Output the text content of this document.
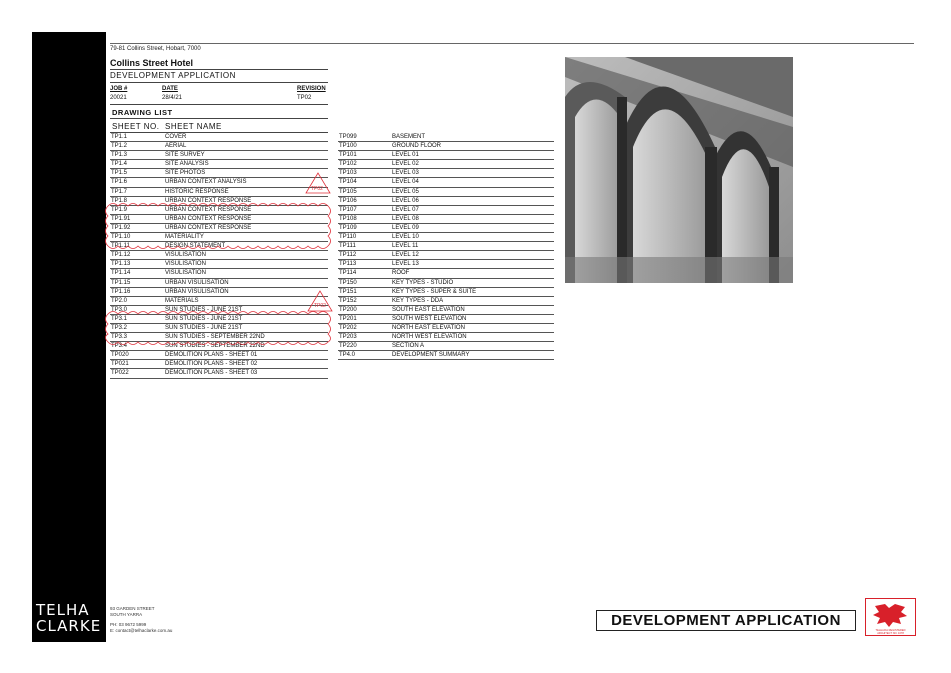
TELHA
CLARKE
93 GARDEN STREET
SOUTH YARRA
PH: 03 9672 5999
E: contact@telhaclarke.com.au
79-81 Collins Street, Hobart, 7000
Collins Street Hotel
DEVELOPMENT APPLICATION
JOB #	DATE	REVISION
20021	28/4/21	TP02
DRAWING LIST
SHEET NO. SHEET NAME
TP1.1	COVER
TP1.2	AERIAL
TP1.3	SITE SURVEY
TP1.4	SITE ANALYSIS
TP1.5	SITE PHOTOS
TP1.6	URBAN CONTEXT ANALYSIS
TP1.7	HISTORIC RESPONSE
TP1.8	URBAN CONTEXT RESPONSE
TP1.9	URBAN CONTEXT RESPONSE
TP1.91	URBAN CONTEXT RESPONSE
TP1.92	URBAN CONTEXT RESPONSE
TP1.10	MATERIALITY
TP1.11	DESIGN STATEMENT
TP1.12	VISULISATION
TP1.13	VISULISATION
TP1.14	VISULISATION
TP1.15	URBAN VISULISATION
TP1.16	URBAN VISULISATION
TP2.0	MATERIALS
TP3.0	SUN STUDIES - JUNE 21ST
TP3.1	SUN STUDIES - JUNE 21ST
TP3.2	SUN STUDIES - JUNE 21ST
TP3.3	SUN STUDIES - SEPTEMBER 22ND
TP3.4	SUN STUDIES - SEPTEMBER 22ND
TP020	DEMOLITION PLANS - SHEET 01
TP021	DEMOLITION PLANS - SHEET 02
TP022	DEMOLITION PLANS - SHEET 03
TP099	BASEMENT
TP100	GROUND FLOOR
TP101	LEVEL 01
TP102	LEVEL 02
TP103	LEVEL 03
TP104	LEVEL 04
TP105	LEVEL 05
TP106	LEVEL 06
TP107	LEVEL 07
TP108	LEVEL 08
TP109	LEVEL 09
TP110	LEVEL 10
TP111	LEVEL 11
TP112	LEVEL 12
TP113	LEVEL 13
TP114	ROOF
TP150	KEY TYPES - STUDIO
TP151	KEY TYPES - SUPER & SUITE
TP152	KEY TYPES - DDA
TP200	SOUTH EAST ELEVATION
TP201	SOUTH WEST ELEVATION
TP202	NORTH EAST ELEVATION
TP203	NORTH WEST ELEVATION
TP220	SECTION A
TP4.0	DEVELOPMENT SUMMARY
DEVELOPMENT APPLICATION
TELHA/KA REGISTERED
ARCHITECT NO. 1078
TP02
TP02
